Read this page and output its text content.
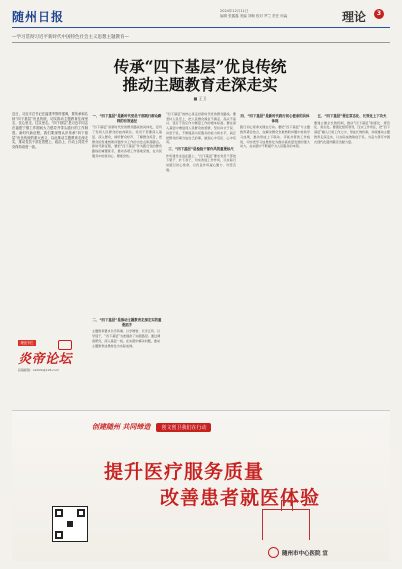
随州日报	2024年12月11日
编辑 张鑫鑫 美编 刘畅 校对 罗兰 责任 何淼	理论	3
—学习贯彻习近平新时代中国特色社会主义思想主题教育—
传承“四下基层”优良传统
推动主题教育走深走实
■ 王卫
近日，习近平总书记在福建考察时强调，要传承和弘扬“四下基层”优良传统，切实推动主题教育往深里走、往心里走、往实里走。“四下基层”是习近平同志在福建宁德工作期间大力倡导并带头践行的工作制度。新时代新征程，我们要深刻认识传承“四下基层”优良传统的重大意义，以此推动主题教育走深走实，推动党员干部在思想上、政治上、行动上同党中央保持高度一致。
一、“四下基层”是新时代党员干部践行群众路线的有效途径
“四下基层”是新时代党的群众路线的具体化，密切了党同人民群众的血肉联系。党员干部要深入基层、深入群众，倾听群众呼声，了解群众疾苦，把群众的急难愁盼问题作为工作的出发点和落脚点。新时代新征程，要把“四下基层”作为践行党的群众路线的重要抓手，推动各项工作落地见效，在为民服务中检验初心、锤炼党性。
二、“四下基层”是推动主题教育走深走实的重要抓手
主题教育要求以学铸魂、以学增智、以学正风、以学促干，“四下基层”为此提供了实践路径。通过调查研究，深入基层一线，在实践中解决问题，推动主题教育成果转化为实际成效。
“四下基层”的核心是走好新时代党的群众路线。要坚持人民至上，把人民群众满意不满意、高兴不高兴、答应不答应作为衡量工作的根本标准。要在深入基层中增进同人民群众的感情，坚持问计于民、问需于民，不断提高为民服务的能力和水平，真正把群众的事当成自己的事，做到心中有民、心中有责。
三、“四下基层”是检验干部作风的重要标尺
作风建设永远在路上。“四下基层”要求党员干部放下架子、扑下身子，切实改进工作作风，以实际行动践行初心使命，以优良作风凝心聚力、攻坚克难。
四、“四下基层”是新时代践行初心使命的具体体现
践行初心使命关键在行动。要把“四下基层”与主题教育紧密结合，在解决群众急难愁盼问题中检验学习成果，推动形成上下联动、齐抓共管的工作格局，切实把学习成果转化为推动高质量发展的强大动力，在实践中不断提升为人民服务的本领。
五、“四下基层”要在常态化、长效化上下功夫
要建立健全长效机制，推动“四下基层”制度化、规范化、常态化。要强化组织领导，压实工作责任，把“四下基层”融入日常工作之中，形成长效机制，持续推动主题教育走深走实，以实际成效取信于民，为奋力谱写中国式现代化随州篇章贡献力量。
理论专栏
炎帝论坛
投稿邮箱：szrbllb@126.com
创建随州 共同缔造	创文创卫我们在行动
提升医疗服务质量
改善患者就医体验
随州市中心医院 宣
